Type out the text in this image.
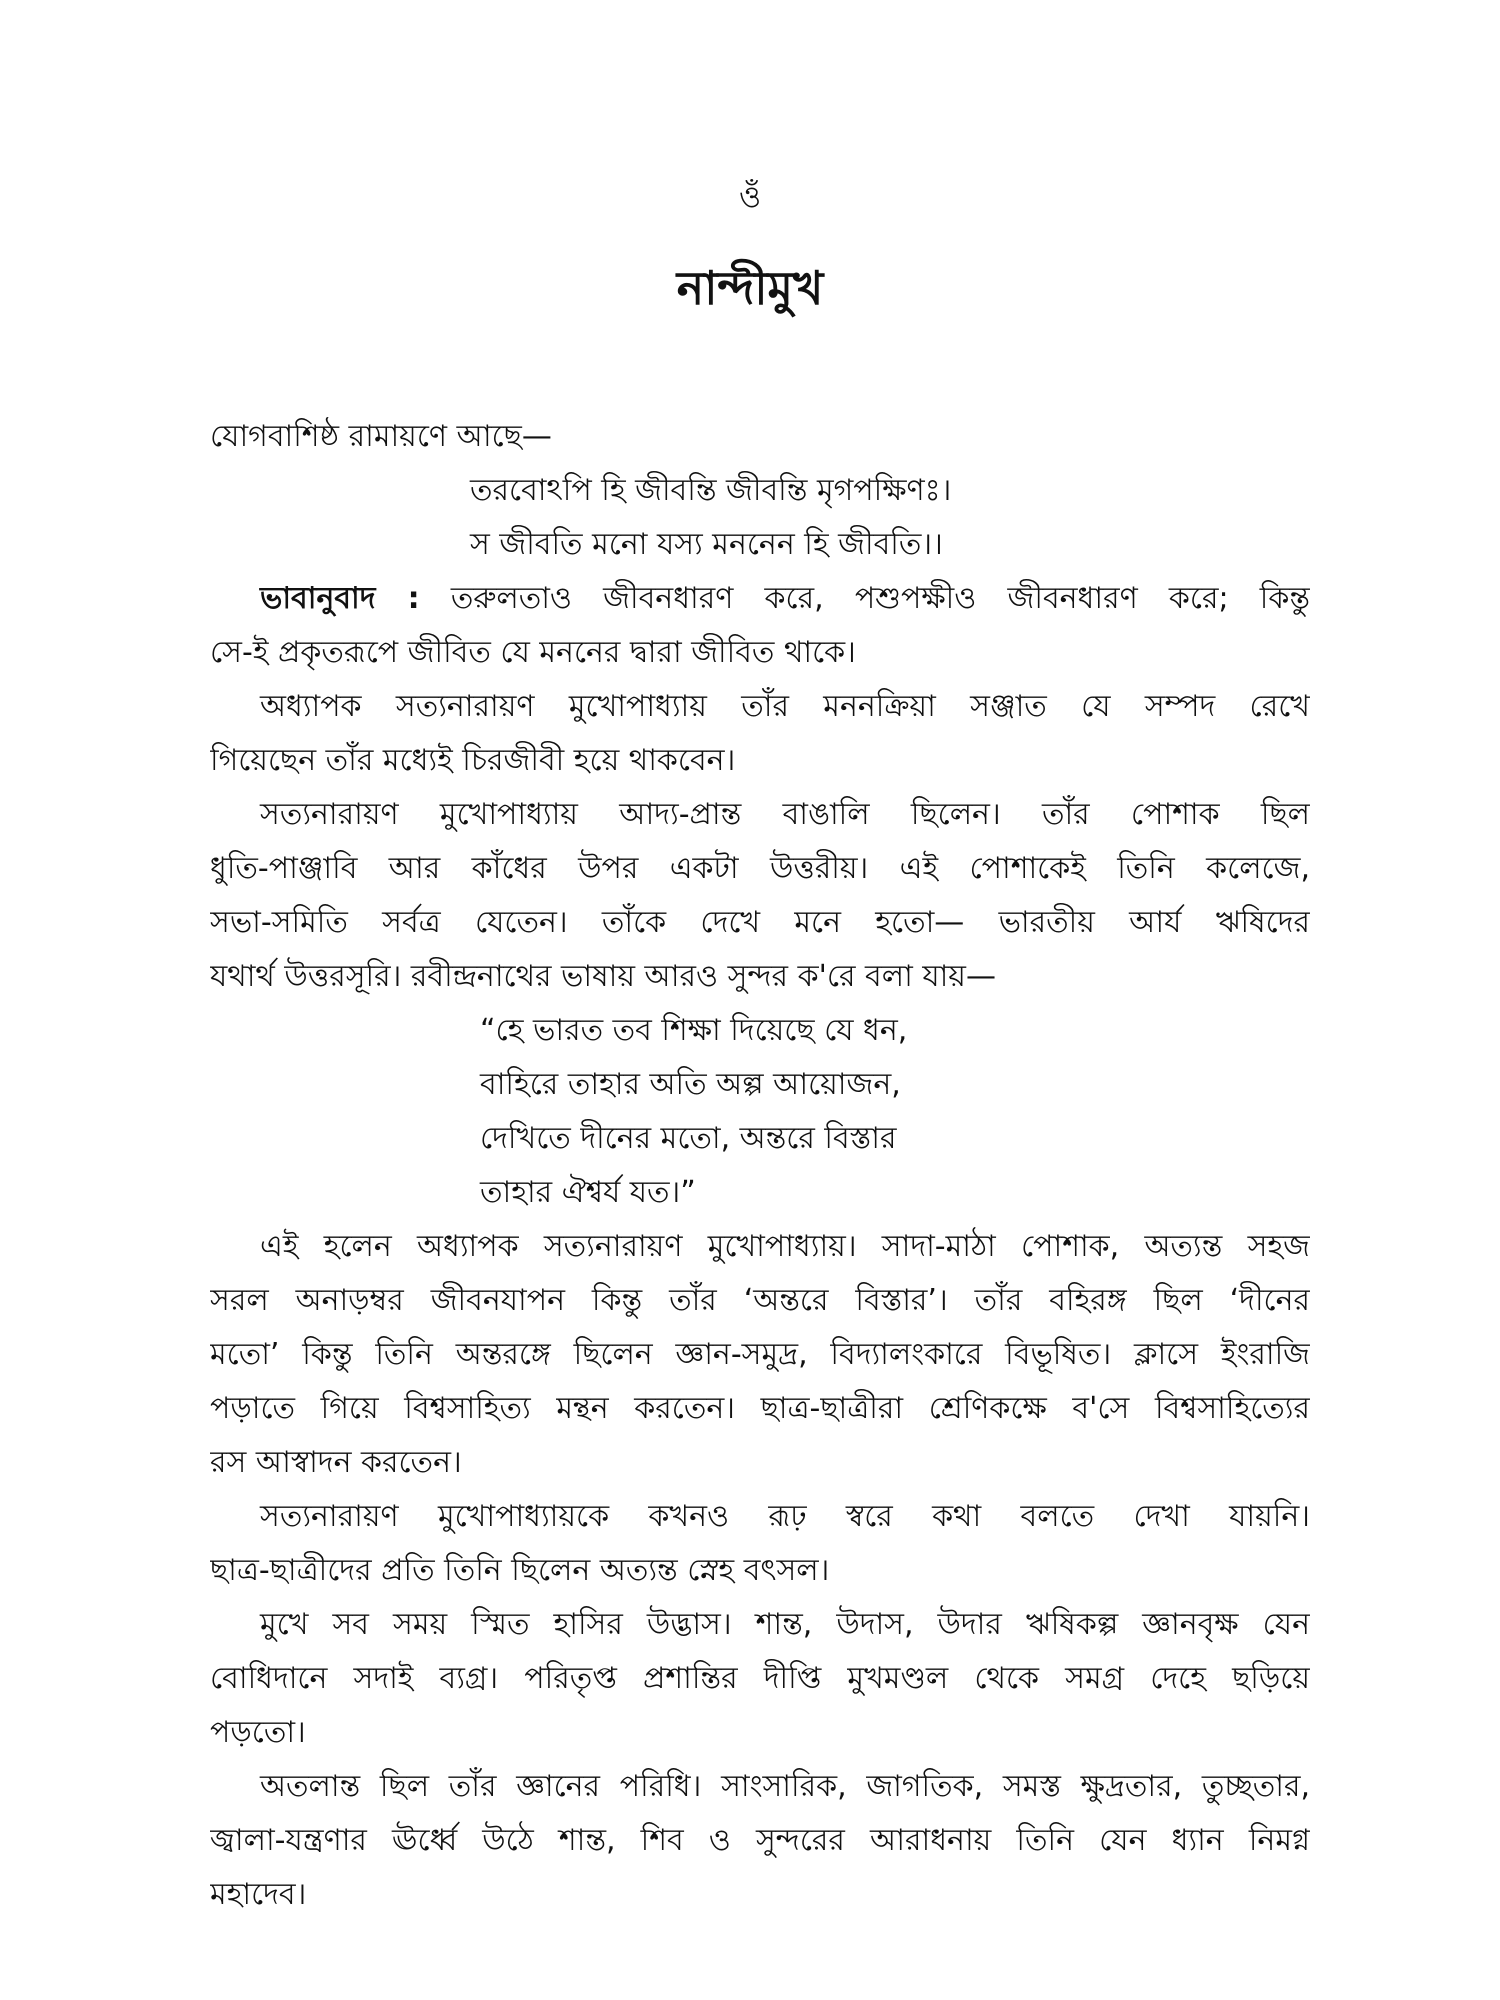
ওঁ
নান্দীমুখ
যোগবাশিষ্ঠ রামায়ণে আছে—
তরবোঽপি হি জীবন্তি জীবন্তি মৃগপক্ষিণঃ।
স জীবতি মনো যস্য মননেন হি জীবতি।।
ভাবানুবাদ : তরুলতাও জীবনধারণ করে, পশুপক্ষীও জীবনধারণ করে; কিন্তু
সে-ই প্রকৃতরূপে জীবিত যে মননের দ্বারা জীবিত থাকে।
অধ্যাপক সত্যনারায়ণ মুখোপাধ্যায় তাঁর মননক্রিয়া সঞ্জাত যে সম্পদ রেখে
গিয়েছেন তাঁর মধ্যেই চিরজীবী হয়ে থাকবেন।
সত্যনারায়ণ মুখোপাধ্যায় আদ্য-প্রান্ত বাঙালি ছিলেন। তাঁর পোশাক ছিল
ধুতি-পাঞ্জাবি আর কাঁধের উপর একটা উত্তরীয়। এই পোশাকেই তিনি কলেজে,
সভা-সমিতি সর্বত্র যেতেন। তাঁকে দেখে মনে হতো— ভারতীয় আর্য ঋষিদের
যথার্থ উত্তরসূরি। রবীন্দ্রনাথের ভাষায় আরও সুন্দর ক'রে বলা যায়—
“হে ভারত তব শিক্ষা দিয়েছে যে ধন,
বাহিরে তাহার অতি অল্প আয়োজন,
দেখিতে দীনের মতো, অন্তরে বিস্তার
তাহার ঐশ্বর্য যত।”
এই হলেন অধ্যাপক সত্যনারায়ণ মুখোপাধ্যায়। সাদা-মাঠা পোশাক, অত্যন্ত সহজ
সরল অনাড়ম্বর জীবনযাপন কিন্তু তাঁর ‘অন্তরে বিস্তার’। তাঁর বহিরঙ্গ ছিল ‘দীনের
মতো’ কিন্তু তিনি অন্তরঙ্গে ছিলেন জ্ঞান-সমুদ্র, বিদ্যালংকারে বিভূষিত। ক্লাসে ইংরাজি
পড়াতে গিয়ে বিশ্বসাহিত্য মন্থন করতেন। ছাত্র-ছাত্রীরা শ্রেণিকক্ষে ব'সে বিশ্বসাহিত্যের
রস আস্বাদন করতেন।
সত্যনারায়ণ মুখোপাধ্যায়কে কখনও রূঢ় স্বরে কথা বলতে দেখা যায়নি।
ছাত্র-ছাত্রীদের প্রতি তিনি ছিলেন অত্যন্ত স্নেহ বৎসল।
মুখে সব সময় স্মিত হাসির উদ্ভাস। শান্ত, উদাস, উদার ঋষিকল্প জ্ঞানবৃক্ষ যেন
বোধিদানে সদাই ব্যগ্র। পরিতৃপ্ত প্রশান্তির দীপ্তি মুখমণ্ডল থেকে সমগ্র দেহে ছড়িয়ে
পড়তো।
অতলান্ত ছিল তাঁর জ্ঞানের পরিধি। সাংসারিক, জাগতিক, সমস্ত ক্ষুদ্রতার, তুচ্ছতার,
জ্বালা-যন্ত্রণার ঊর্ধ্বে উঠে শান্ত, শিব ও সুন্দরের আরাধনায় তিনি যেন ধ্যান নিমগ্ন
মহাদেব।
